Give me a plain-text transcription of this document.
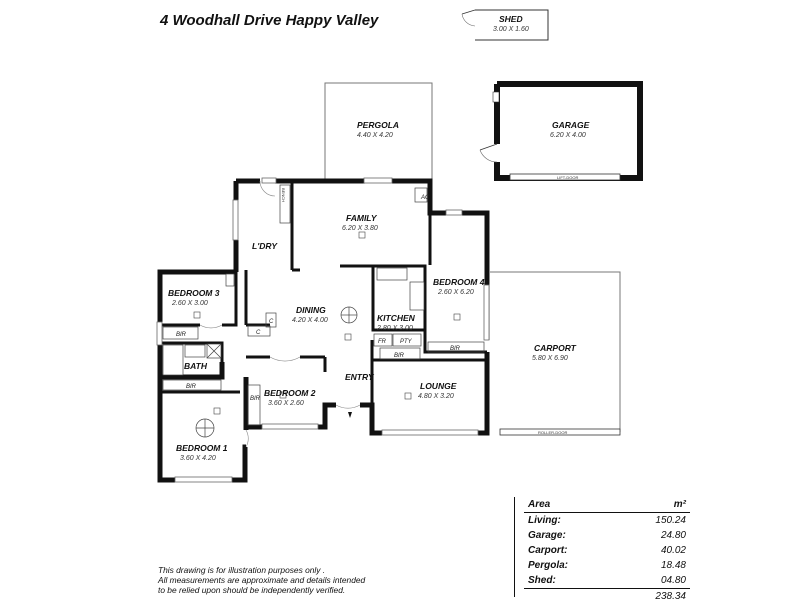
4 Woodhall Drive Happy Valley	SHED
3.00 X 1.60
PERGOLA
4.40 X 4.20
LIFT-DOOR
GARAGE
6.20 X 4.00
ROLLER-DOOR
CARPORT
5.80 X 6.90
FAMILY
6.20 X 3.80
AC
L'DRY
BENCH
BEDROOM 3
2.60 X 3.00
BIR
BEDROOM 4
2.60 X 6.20
BIR
DINING
4.20 X 4.00
C
C
KITCHEN
2.80 X 3.00
FR PTY
BIR
BATH
BIR
ENTRY
BEDROOM 2
3.60 X 2.60
BIR
LOUNGE
4.80 X 3.20
BEDROOM 1
3.60 X 4.20
Area	m²
Living:	150.24
Garage:	24.80
Carport:	40.02
Pergola:	18.48
Shed:	04.80
	238.34
This drawing is for illustration purposes only .
All measurements are approximate and details intended
to be relied upon should be independently verified.
